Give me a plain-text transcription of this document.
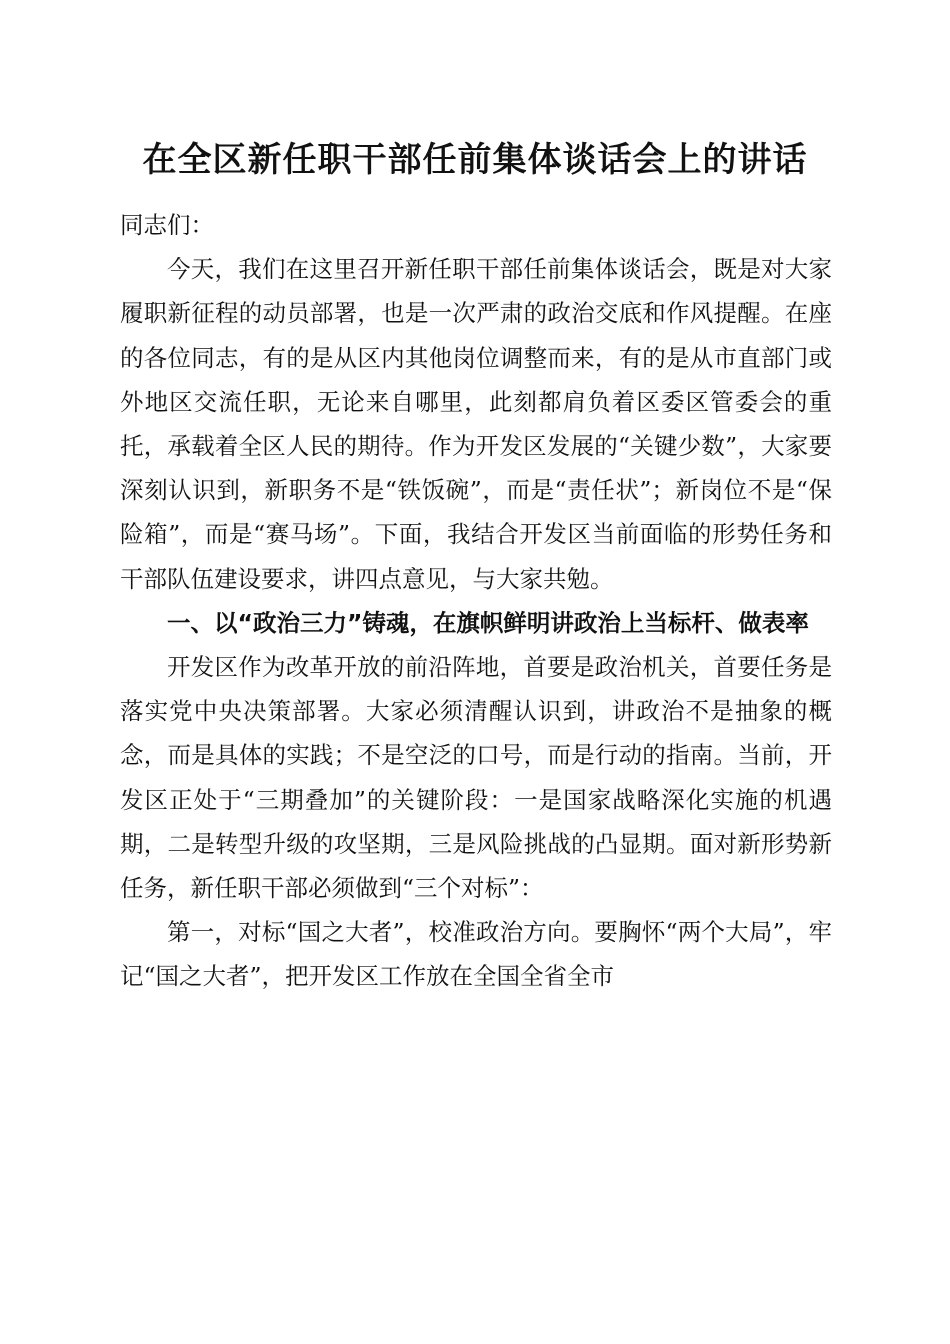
在全区新任职干部任前集体谈话会上的讲话

同志们：

今天，我们在这里召开新任职干部任前集体谈话会，既是对大家履职新征程的动员部署，也是一次严肃的政治交底和作风提醒。在座的各位同志，有的是从区内其他岗位调整而来，有的是从市直部门或外地区交流任职，无论来自哪里，此刻都肩负着区委区管委会的重托，承载着全区人民的期待。作为开发区发展的“关键少数”，大家要深刻认识到，新职务不是“铁饭碗”，而是“责任状”；新岗位不是“保险箱”，而是“赛马场”。下面，我结合开发区当前面临的形势任务和干部队伍建设要求，讲四点意见，与大家共勉。

一、以“政治三力”铸魂，在旗帜鲜明讲政治上当标杆、做表率

开发区作为改革开放的前沿阵地，首要是政治机关，首要任务是落实党中央决策部署。大家必须清醒认识到，讲政治不是抽象的概念，而是具体的实践；不是空泛的口号，而是行动的指南。当前，开发区正处于“三期叠加”的关键阶段：一是国家战略深化实施的机遇期，二是转型升级的攻坚期，三是风险挑战的凸显期。面对新形势新任务，新任职干部必须做到“三个对标”：

第一，对标“国之大者”，校准政治方向。要胸怀“两个大局”，牢记“国之大者”，把开发区工作放在全国全省全市
